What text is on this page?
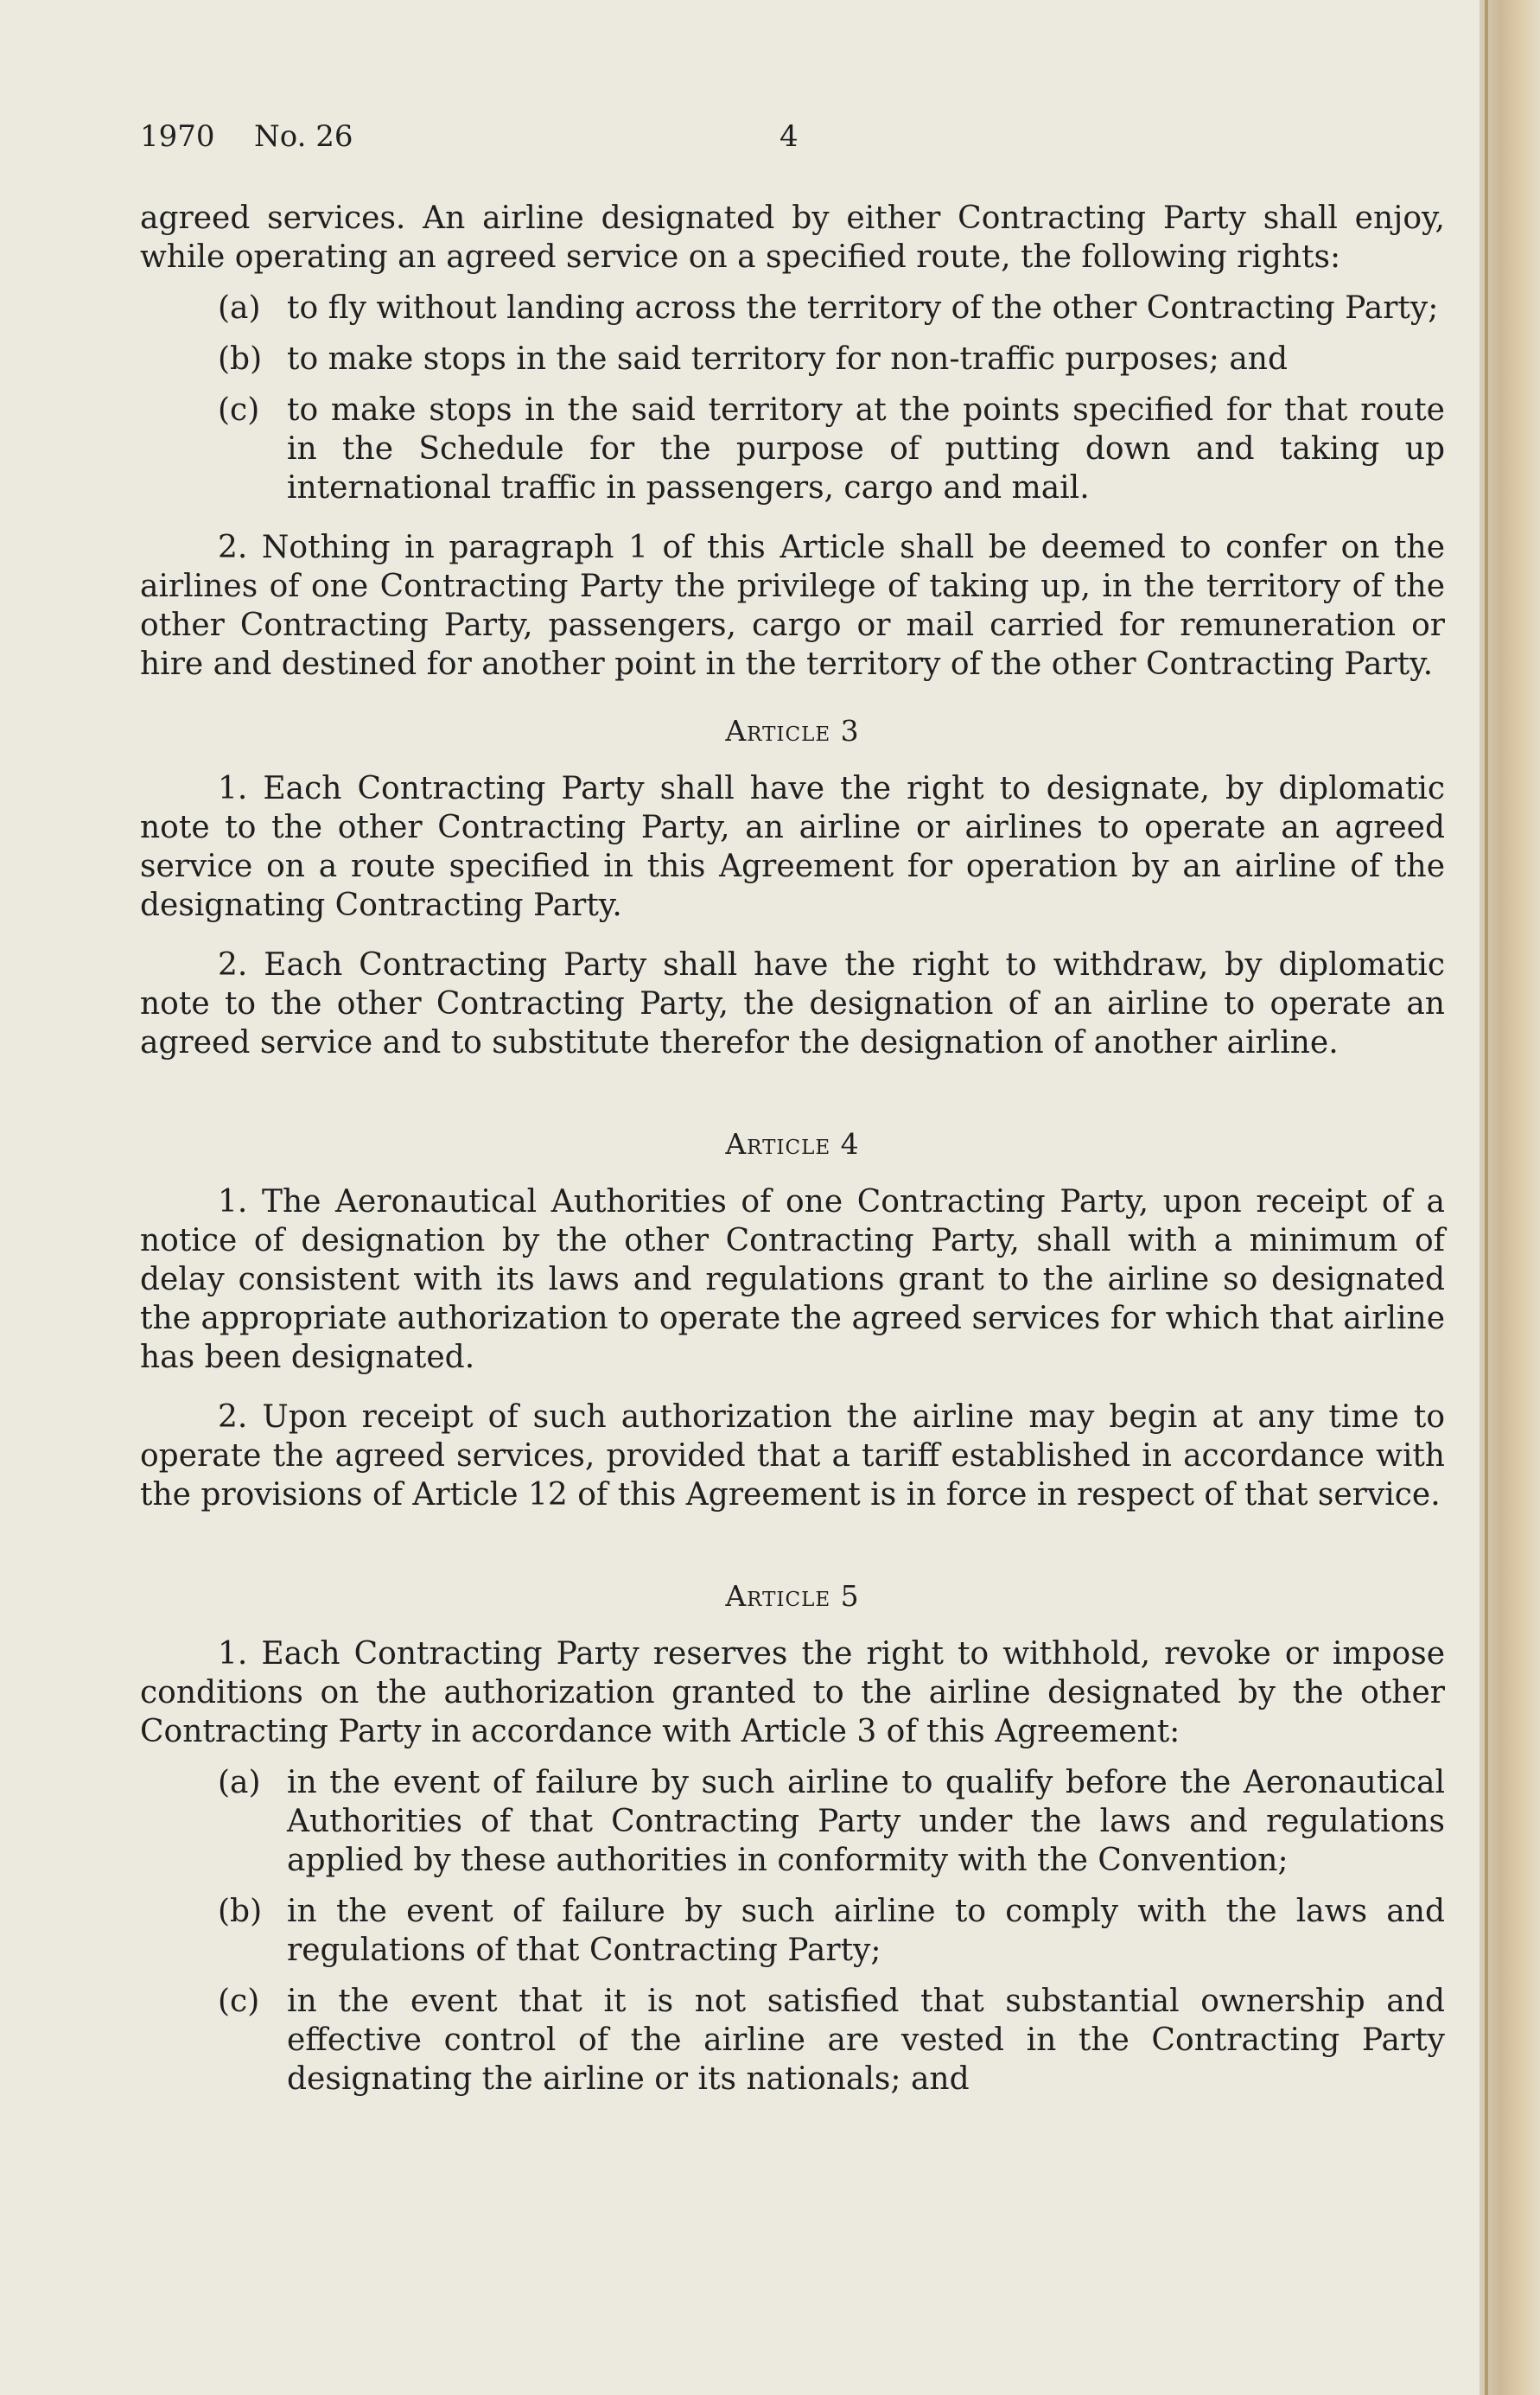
1970 No. 26	4

agreed services. An airline designated by either Contracting Party shall enjoy, while operating an agreed service on a specified route, the following rights:

(a) to fly without landing across the territory of the other Contracting Party;
(b) to make stops in the said territory for non-traffic purposes; and
(c) to make stops in the said territory at the points specified for that route in the Schedule for the purpose of putting down and taking up international traffic in passengers, cargo and mail.

2. Nothing in paragraph 1 of this Article shall be deemed to confer on the airlines of one Contracting Party the privilege of taking up, in the territory of the other Contracting Party, passengers, cargo or mail carried for remuneration or hire and destined for another point in the territory of the other Contracting Party.

Article 3

1. Each Contracting Party shall have the right to designate, by diplomatic note to the other Contracting Party, an airline or airlines to operate an agreed service on a route specified in this Agreement for operation by an airline of the designating Contracting Party.

2. Each Contracting Party shall have the right to withdraw, by diplomatic note to the other Contracting Party, the designation of an airline to operate an agreed service and to substitute therefor the designation of another airline.

Article 4

1. The Aeronautical Authorities of one Contracting Party, upon receipt of a notice of designation by the other Contracting Party, shall with a minimum of delay consistent with its laws and regulations grant to the airline so designated the appropriate authorization to operate the agreed services for which that airline has been designated.

2. Upon receipt of such authorization the airline may begin at any time to operate the agreed services, provided that a tariff established in accordance with the provisions of Article 12 of this Agreement is in force in respect of that service.

Article 5

1. Each Contracting Party reserves the right to withhold, revoke or impose conditions on the authorization granted to the airline designated by the other Contracting Party in accordance with Article 3 of this Agreement:

(a) in the event of failure by such airline to qualify before the Aeronautical Authorities of that Contracting Party under the laws and regulations applied by these authorities in conformity with the Convention;
(b) in the event of failure by such airline to comply with the laws and regulations of that Contracting Party;
(c) in the event that it is not satisfied that substantial ownership and effective control of the airline are vested in the Contracting Party designating the airline or its nationals; and
